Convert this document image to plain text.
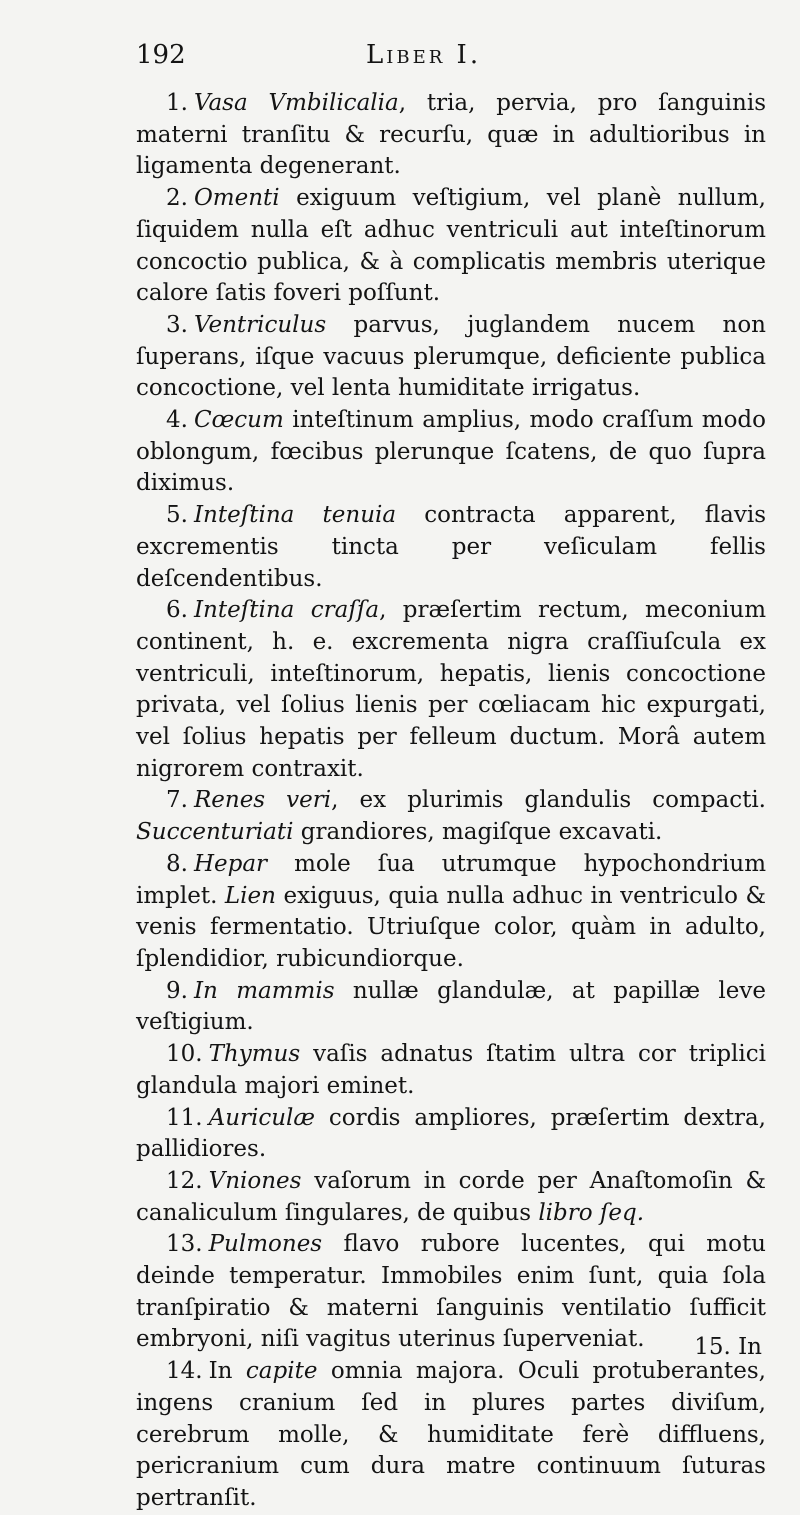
192	Liber I.

1. Vasa Vmbilicalia, tria, pervia, pro ſanguinis materni tranſitu & recurſu, quæ in adultioribus in ligamenta degenerant.

2. Omenti exiguum veſtigium, vel planè nullum, ſiquidem nulla eſt adhuc ventriculi aut inteſtinorum concoctio publica, & à complicatis membris uterique calore ſatis foveri poſſunt.

3. Ventriculus parvus, juglandem nucem non ſuperans, iſque vacuus plerumque, deficiente publica concoctione, vel lenta humiditate irrigatus.

4. Cœcum inteſtinum amplius, modo craſſum modo oblongum, fœcibus plerunque ſcatens, de quo ſupra diximus.

5. Inteſtina tenuia contracta apparent, flavis excrementis tincta per veſiculam fellis deſcendentibus.

6. Inteſtina craſſa, præſertim rectum, meconium continent, h. e. excrementa nigra craſſiuſcula ex ventriculi, inteſtinorum, hepatis, lienis concoctione privata, vel ſolius lienis per cœliacam hic expurgati, vel ſolius hepatis per felleum ductum. Morâ autem nigrorem contraxit.

7. Renes veri, ex plurimis glandulis compacti. Succenturiati grandiores, magiſque excavati.

8. Hepar mole ſua utrumque hypochondrium implet. Lien exiguus, quia nulla adhuc in ventriculo & venis fermentatio. Utriuſque color, quàm in adulto, ſplendidior, rubicundiorque.

9. In mammis nullæ glandulæ, at papillæ leve veſtigium.

10. Thymus vaſis adnatus ſtatim ultra cor triplici glandula majori eminet.

11. Auriculæ cordis ampliores, præſertim dextra, pallidiores.

12. Vniones vaſorum in corde per Anaſtomoſin & canaliculum ſingulares, de quibus libro ſeq.

13. Pulmones flavo rubore lucentes, qui motu deinde temperatur. Immobiles enim ſunt, quia ſola tranſpiratio & materni ſanguinis ventilatio ſufficit embryoni, niſi vagitus uterinus ſuperveniat.

14. In capite omnia majora. Oculi protuberantes, ingens cranium ſed in plures partes diviſum, cerebrum molle, & humiditate ferè diffluens, pericranium cum dura matre continuum ſuturas pertranſit.

15. In
